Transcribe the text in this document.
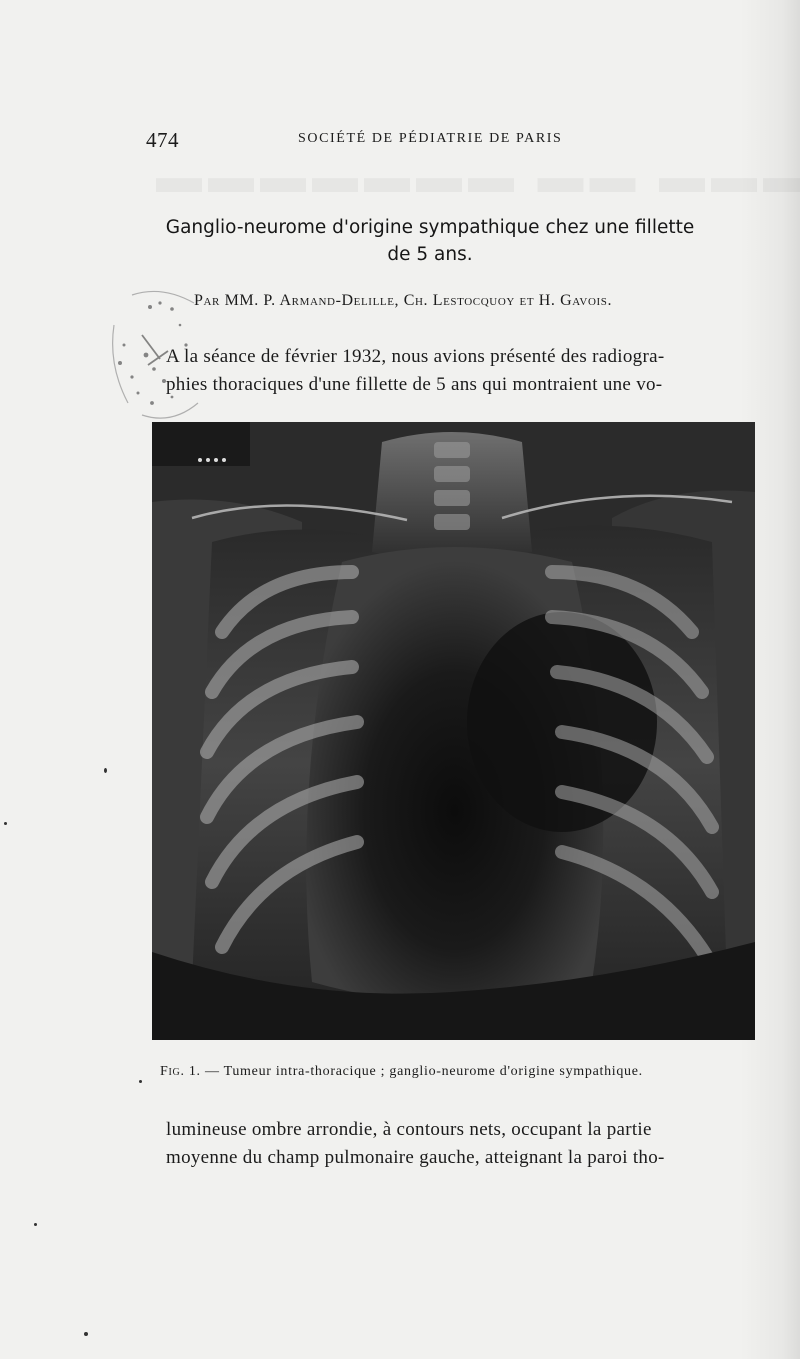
474	SOCIÉTÉ DE PÉDIATRIE DE PARIS
Ganglio-neurome d'origine sympathique chez une fillette
de 5 ans.
Par MM. P. Armand-Delille, Ch. Lestocquoy et H. Gavois.
A la séance de février 1932, nous avions présenté des radiogra-
phies thoraciques d'une fillette de 5 ans qui montraient une vo-
Fig. 1. — Tumeur intra-thoracique ; ganglio-neurome d'origine sympathique.
lumineuse ombre arrondie, à contours nets, occupant la partie
moyenne du champ pulmonaire gauche, atteignant la paroi tho-
